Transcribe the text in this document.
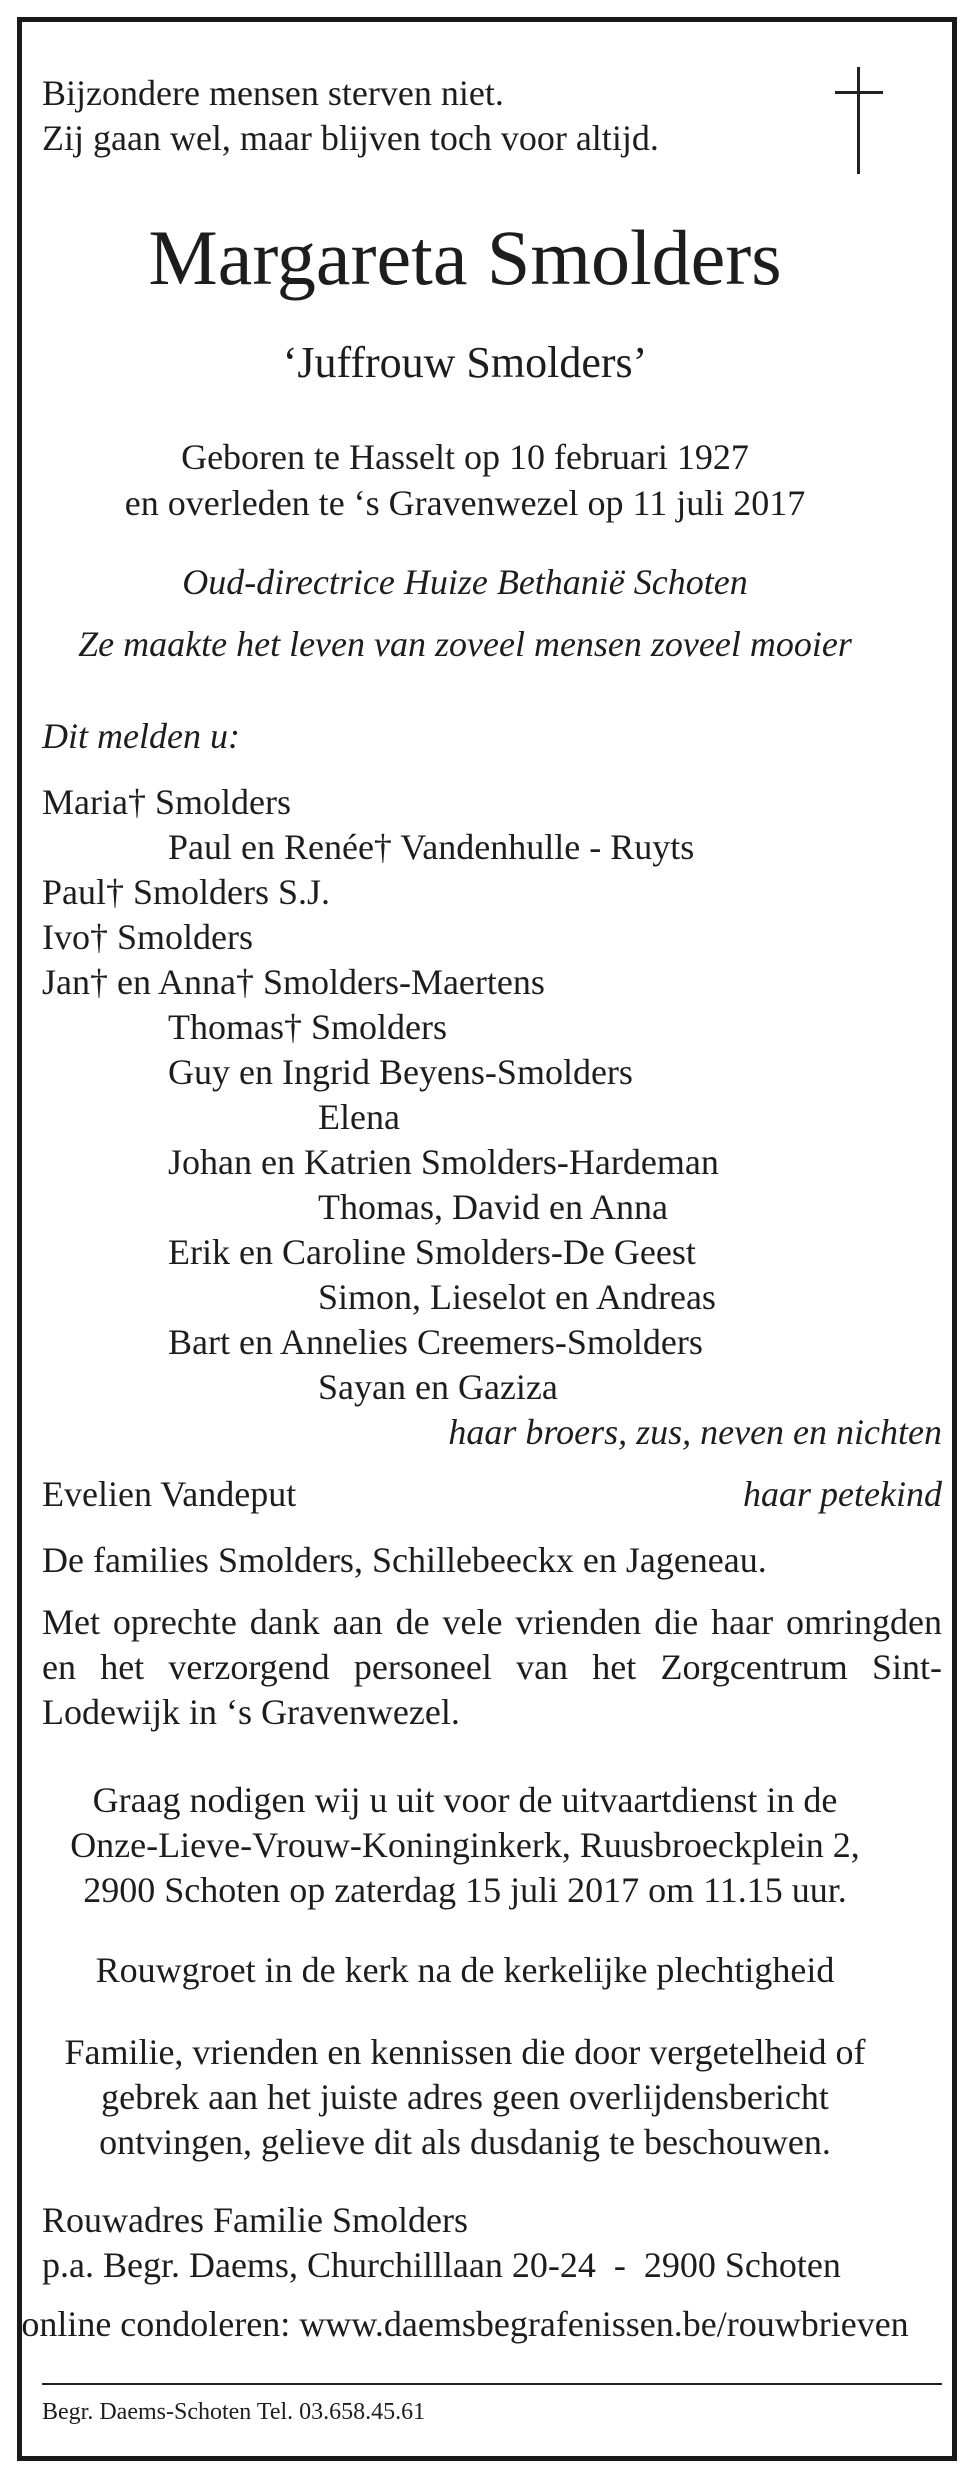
Bijzondere mensen sterven niet.
Zij gaan wel, maar blijven toch voor altijd.
Margareta Smolders
‘Juffrouw Smolders’
Geboren te Hasselt op 10 februari 1927
en overleden te ‘s Gravenwezel op 11 juli 2017
Oud-directrice Huize Bethanië Schoten
Ze maakte het leven van zoveel mensen zoveel mooier
Dit melden u:
Maria† Smolders
Paul en Renée† Vandenhulle - Ruyts
Paul† Smolders S.J.
Ivo† Smolders
Jan† en Anna† Smolders-Maertens
Thomas† Smolders
Guy en Ingrid Beyens-Smolders
Elena
Johan en Katrien Smolders-Hardeman
Thomas, David en Anna
Erik en Caroline Smolders-De Geest
Simon, Lieselot en Andreas
Bart en Annelies Creemers-Smolders
Sayan en Gaziza
haar broers, zus, neven en nichten
Evelien Vandeput	haar petekind
De families Smolders, Schillebeeckx en Jageneau.
Met oprechte dank aan de vele vrienden die haar omringden en het verzorgend personeel van het Zorgcentrum Sint-Lodewijk in ‘s Gravenwezel.
Graag nodigen wij u uit voor de uitvaartdienst in de
Onze-Lieve-Vrouw-Koninginkerk, Ruusbroeckplein 2,
2900 Schoten op zaterdag 15 juli 2017 om 11.15 uur.
Rouwgroet in de kerk na de kerkelijke plechtigheid
Familie, vrienden en kennissen die door vergetelheid of
gebrek aan het juiste adres geen overlijdensbericht
ontvingen, gelieve dit als dusdanig te beschouwen.
Rouwadres Familie Smolders
p.a. Begr. Daems, Churchilllaan 20-24  -  2900 Schoten
online condoleren: www.daemsbegrafenissen.be/rouwbrieven
Begr. Daems-Schoten Tel. 03.658.45.61
